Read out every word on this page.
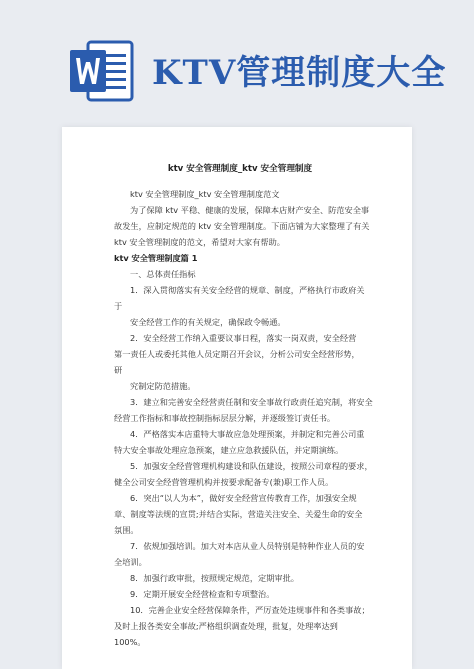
KTV管理制度大全
ktv 安全管理制度_ktv 安全管理制度

ktv 安全管理制度_ktv 安全管理制度范文

为了保障 ktv 平稳、健康的发展，保障本店财产安全、防范安全事

故发生，应制定规范的 ktv 安全管理制度。下面店铺为大家整理了有关

ktv 安全管理制度的范文，希望对大家有帮助。

ktv 安全管理制度篇 1

一、总体责任指标

1．深入贯彻落实有关安全经营的规章、制度，严格执行市政府关

于

安全经营工作的有关规定，确保政令畅通。

2．安全经营工作纳入重要议事日程，落实一岗双责，安全经营

第一责任人或委托其他人员定期召开会议，分析公司安全经营形势，

研

究制定防范措施。

3．建立和完善安全经营责任制和安全事故行政责任追究制，将安全

经营工作指标和事故控制指标层层分解，并逐级签订责任书。

4．严格落实本店重特大事故应急处理预案，并制定和完善公司重

特大安全事故处理应急预案，建立应急救援队伍，并定期演练。

5．加强安全经营管理机构建设和队伍建设，按照公司章程的要求，

健全公司安全经营管理机构并按要求配备专(兼)职工作人员。

6．突出“以人为本”，做好安全经营宣传教育工作，加强安全规

章、制度等法规的宣贯;并结合实际，营造关注安全、关爱生命的安全

氛围。

7．依规加强培训。加大对本店从业人员特别是特种作业人员的安

全培训。

8．加强行政审批，按照规定规范，定期审批。

9．定期开展安全经营检查和专项整治。

10．完善企业安全经营保障条件，严厉查处违规事件和各类事故；

及时上报各类安全事故;严格组织调查处理，批复，处理率达到　100%。
